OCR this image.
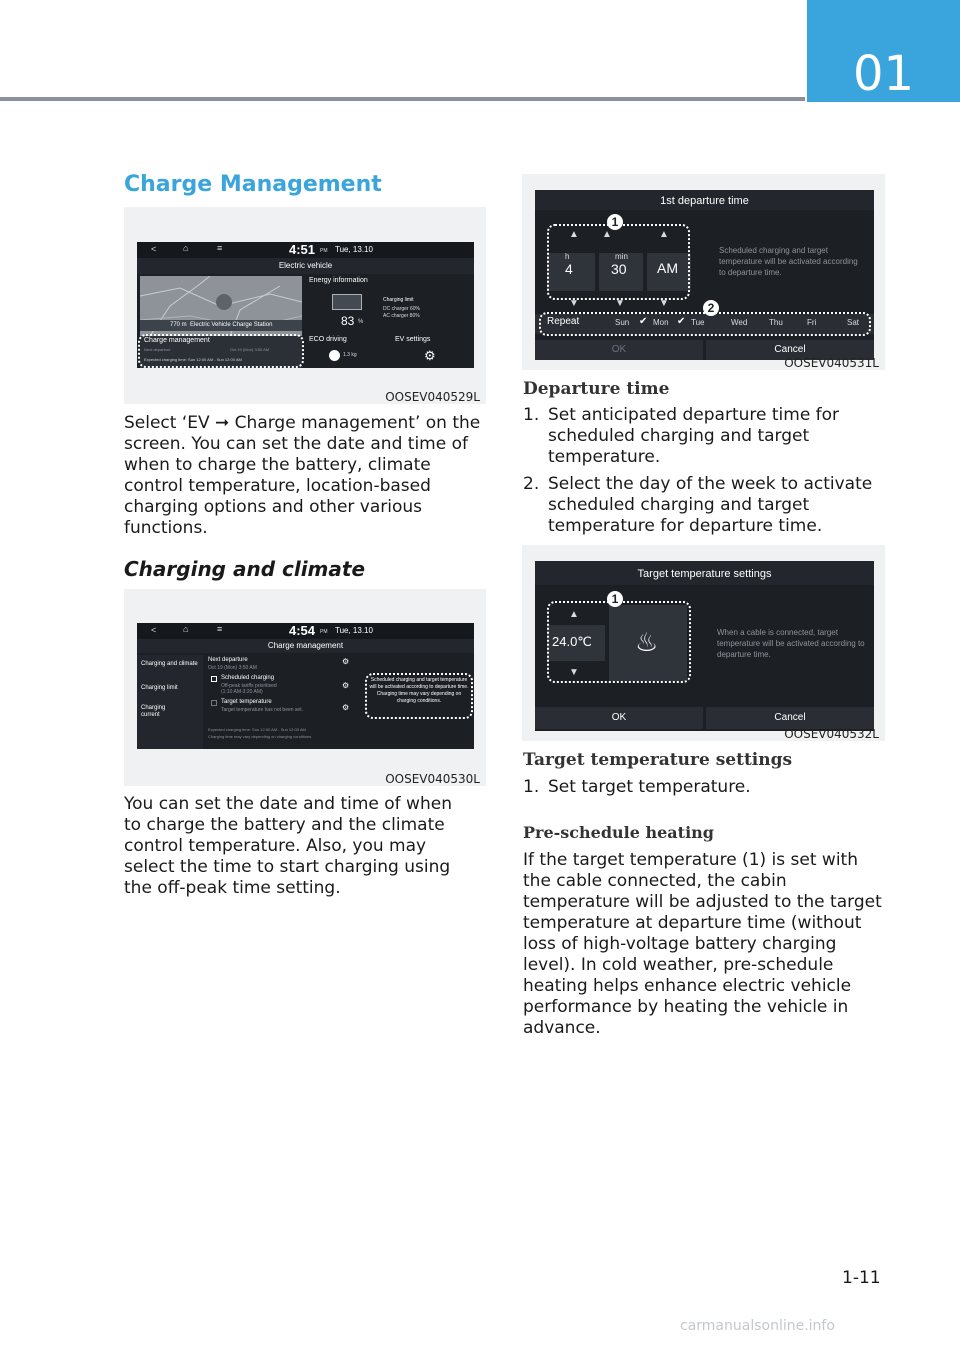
01
Charge Management
<	⌂	≡	4:51 PM Tue, 13.10
Electric vehicle
770 m Electric Vehicle Charge Station
Charge management
Next departure	Oct 19 (Mon) 3:50 AM
Expected charging time: Sun 12:00 AM - Sun 12:00 AM
Energy information
83 %
Charging limit
DC charger 60%
AC charger 80%
ECO driving
1.3 kg
EV settings
⚙
OOSEV040529L
Select ‘EV ➞ Charge management’ on the screen. You can set the date and time of when to charge the battery, climate control temperature, location-based charging options and other various functions.
Charging and climate
<	⌂	≡	4:54 PM Tue, 13.10
Charge management
Charging and climate
Charging limit
Charging current
Next departure
Oct 19 (Mon) 3:50 AM
Scheduled charging
Off-peak tariffs prioritised
(1:10 AM-3:20 AM)
Target temperature
Target temperature has not been set.
⚙
⚙
⚙
Scheduled charging and target temperature will be activated according to departure time. Charging time may vary depending on charging conditions.
Expected charging time: Sun 12:00 AM - Sun 12:00 AM
Charging time may vary depending on charging conditions.
OOSEV040530L
You can set the date and time of when to charge the battery and the climate control temperature. Also, you may select the time to start charging using the off-peak time setting.
1st departure time
▲
h
4
▼
▲
min
30
▼
▲
AM
▼
1
Scheduled charging and target temperature will be activated according to departure time.
Repeat	Sun ✔ Mon ✔ Tue	Wed	Thu	Fri	Sat
2
OK	Cancel
OOSEV040531L
Departure time
1. Set anticipated departure time for scheduled charging and target temperature.
2. Select the day of the week to activate scheduled charging and target temperature for departure time.
Target temperature settings
▲
24.0℃
▼
♨
1
When a cable is connected, target temperature will be activated according to departure time.
OK	Cancel
OOSEV040532L
Target temperature settings
1. Set target temperature.
Pre-schedule heating
If the target temperature (1) is set with the cable connected, the cabin temperature will be adjusted to the target temperature at departure time (without loss of high-voltage battery charging level). In cold weather, pre-schedule heating helps enhance electric vehicle performance by heating the vehicle in advance.
1-11
carmanualsonline.info
